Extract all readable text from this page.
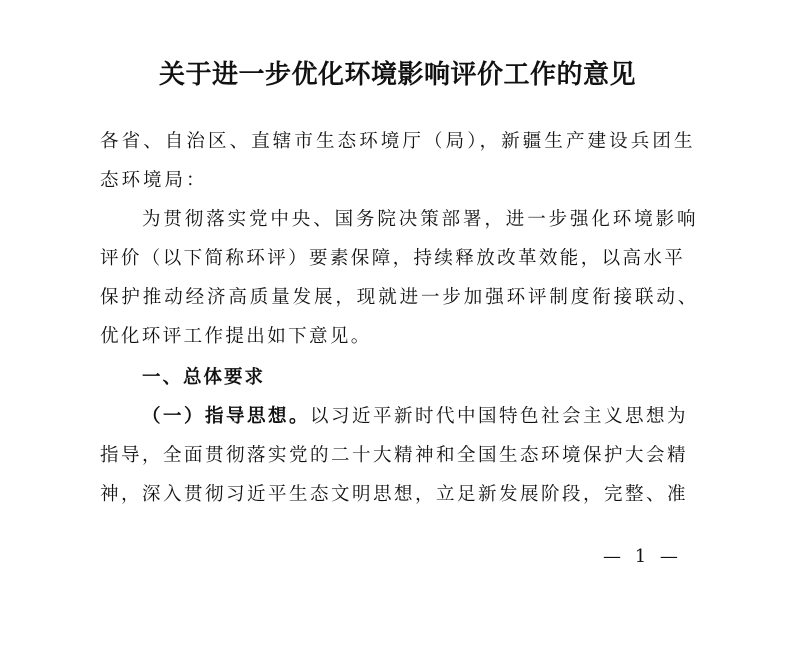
关于进一步优化环境影响评价工作的意见
各省、自治区、直辖市生态环境厅（局），新疆生产建设兵团生
态环境局：
为贯彻落实党中央、国务院决策部署，进一步强化环境影响
评价（以下简称环评）要素保障，持续释放改革效能，以高水平
保护推动经济高质量发展，现就进一步加强环评制度衔接联动、
优化环评工作提出如下意见。
一、总体要求
（一）指导思想。以习近平新时代中国特色社会主义思想为
指导，全面贯彻落实党的二十大精神和全国生态环境保护大会精
神，深入贯彻习近平生态文明思想，立足新发展阶段，完整、准
— 1 —
